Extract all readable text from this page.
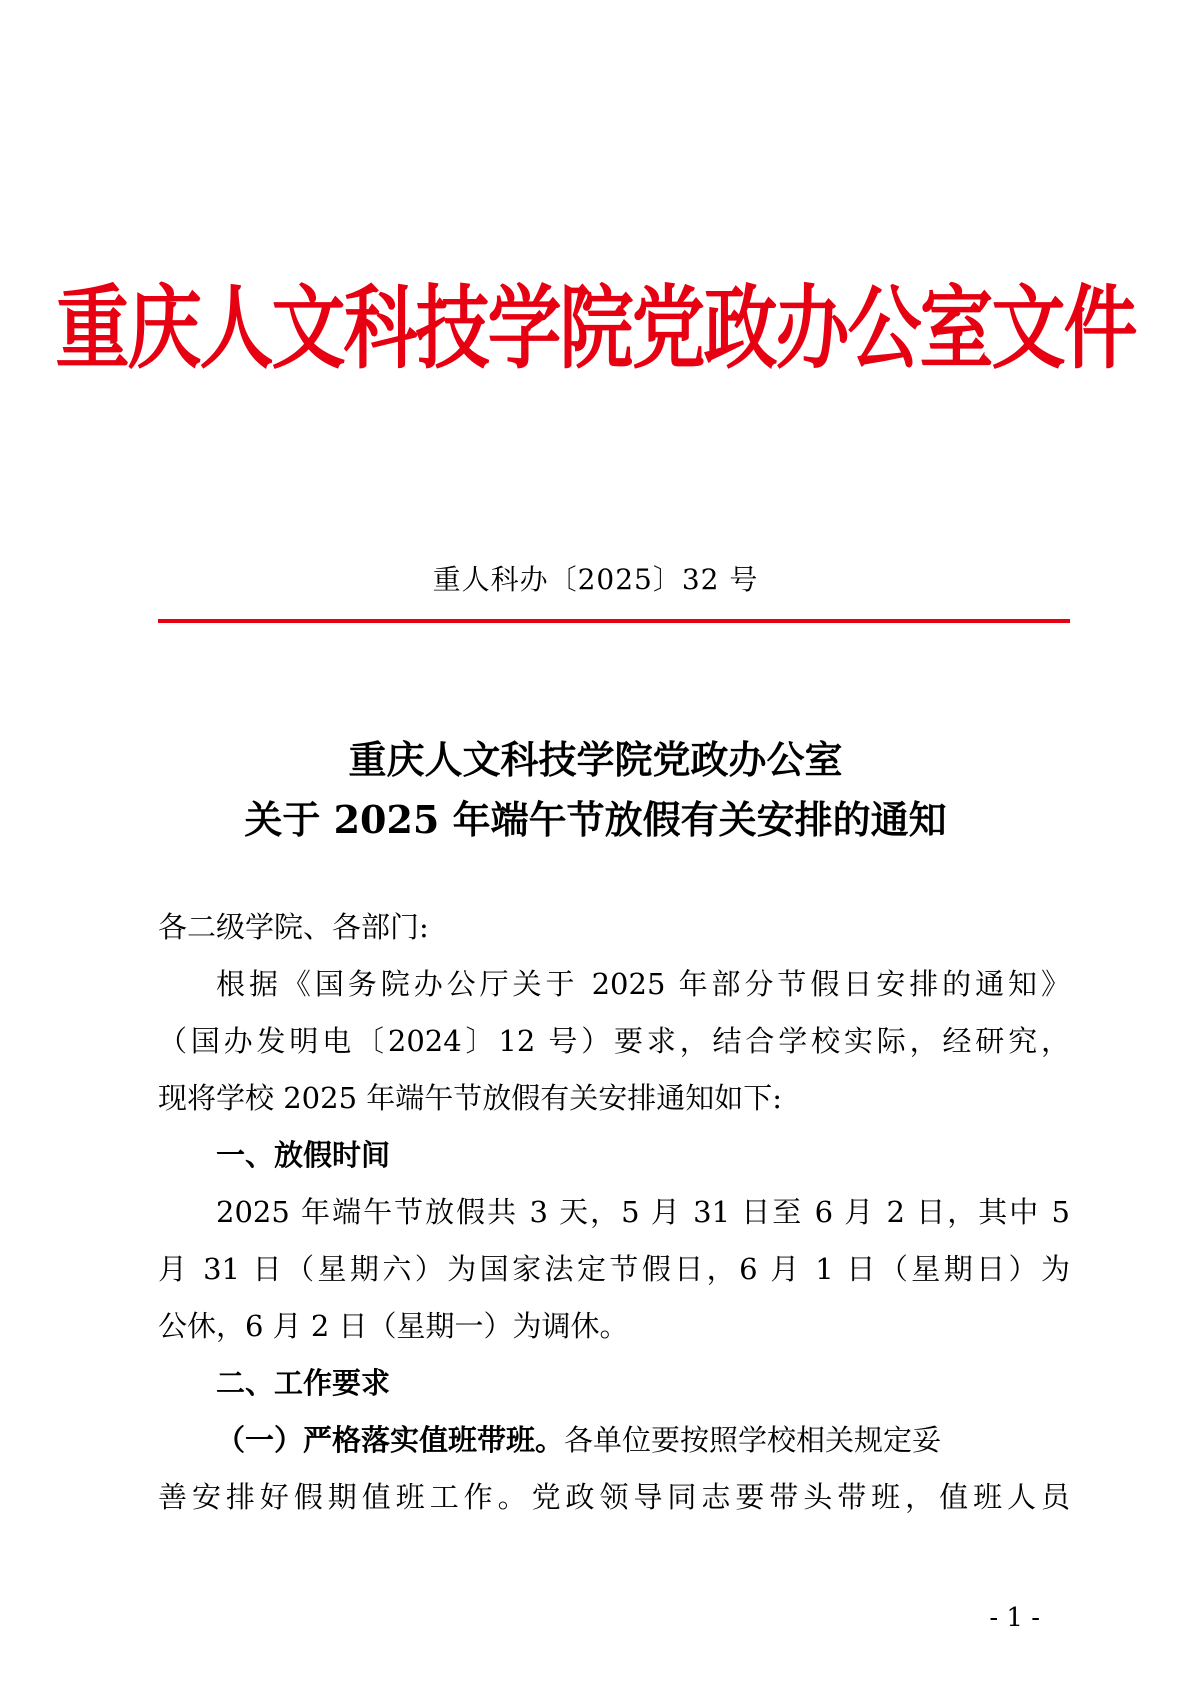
重庆人文科技学院党政办公室文件
重人科办〔2025〕32 号
重庆人文科技学院党政办公室
关于 2025 年端午节放假有关安排的通知
各二级学院、各部门:
根据《国务院办公厅关于 2025 年部分节假日安排的通知》
（国办发明电〔2024〕12 号）要求，结合学校实际，经研究，
现将学校 2025 年端午节放假有关安排通知如下:
一、放假时间
2025 年端午节放假共 3 天，5 月 31 日至 6 月 2 日，其中 5
月 31 日（星期六）为国家法定节假日，6 月 1 日（星期日）为
公休，6 月 2 日（星期一）为调休。
二、工作要求
（一）严格落实值班带班。各单位要按照学校相关规定妥
善安排好假期值班工作。党政领导同志要带头带班，值班人员
- 1 -
